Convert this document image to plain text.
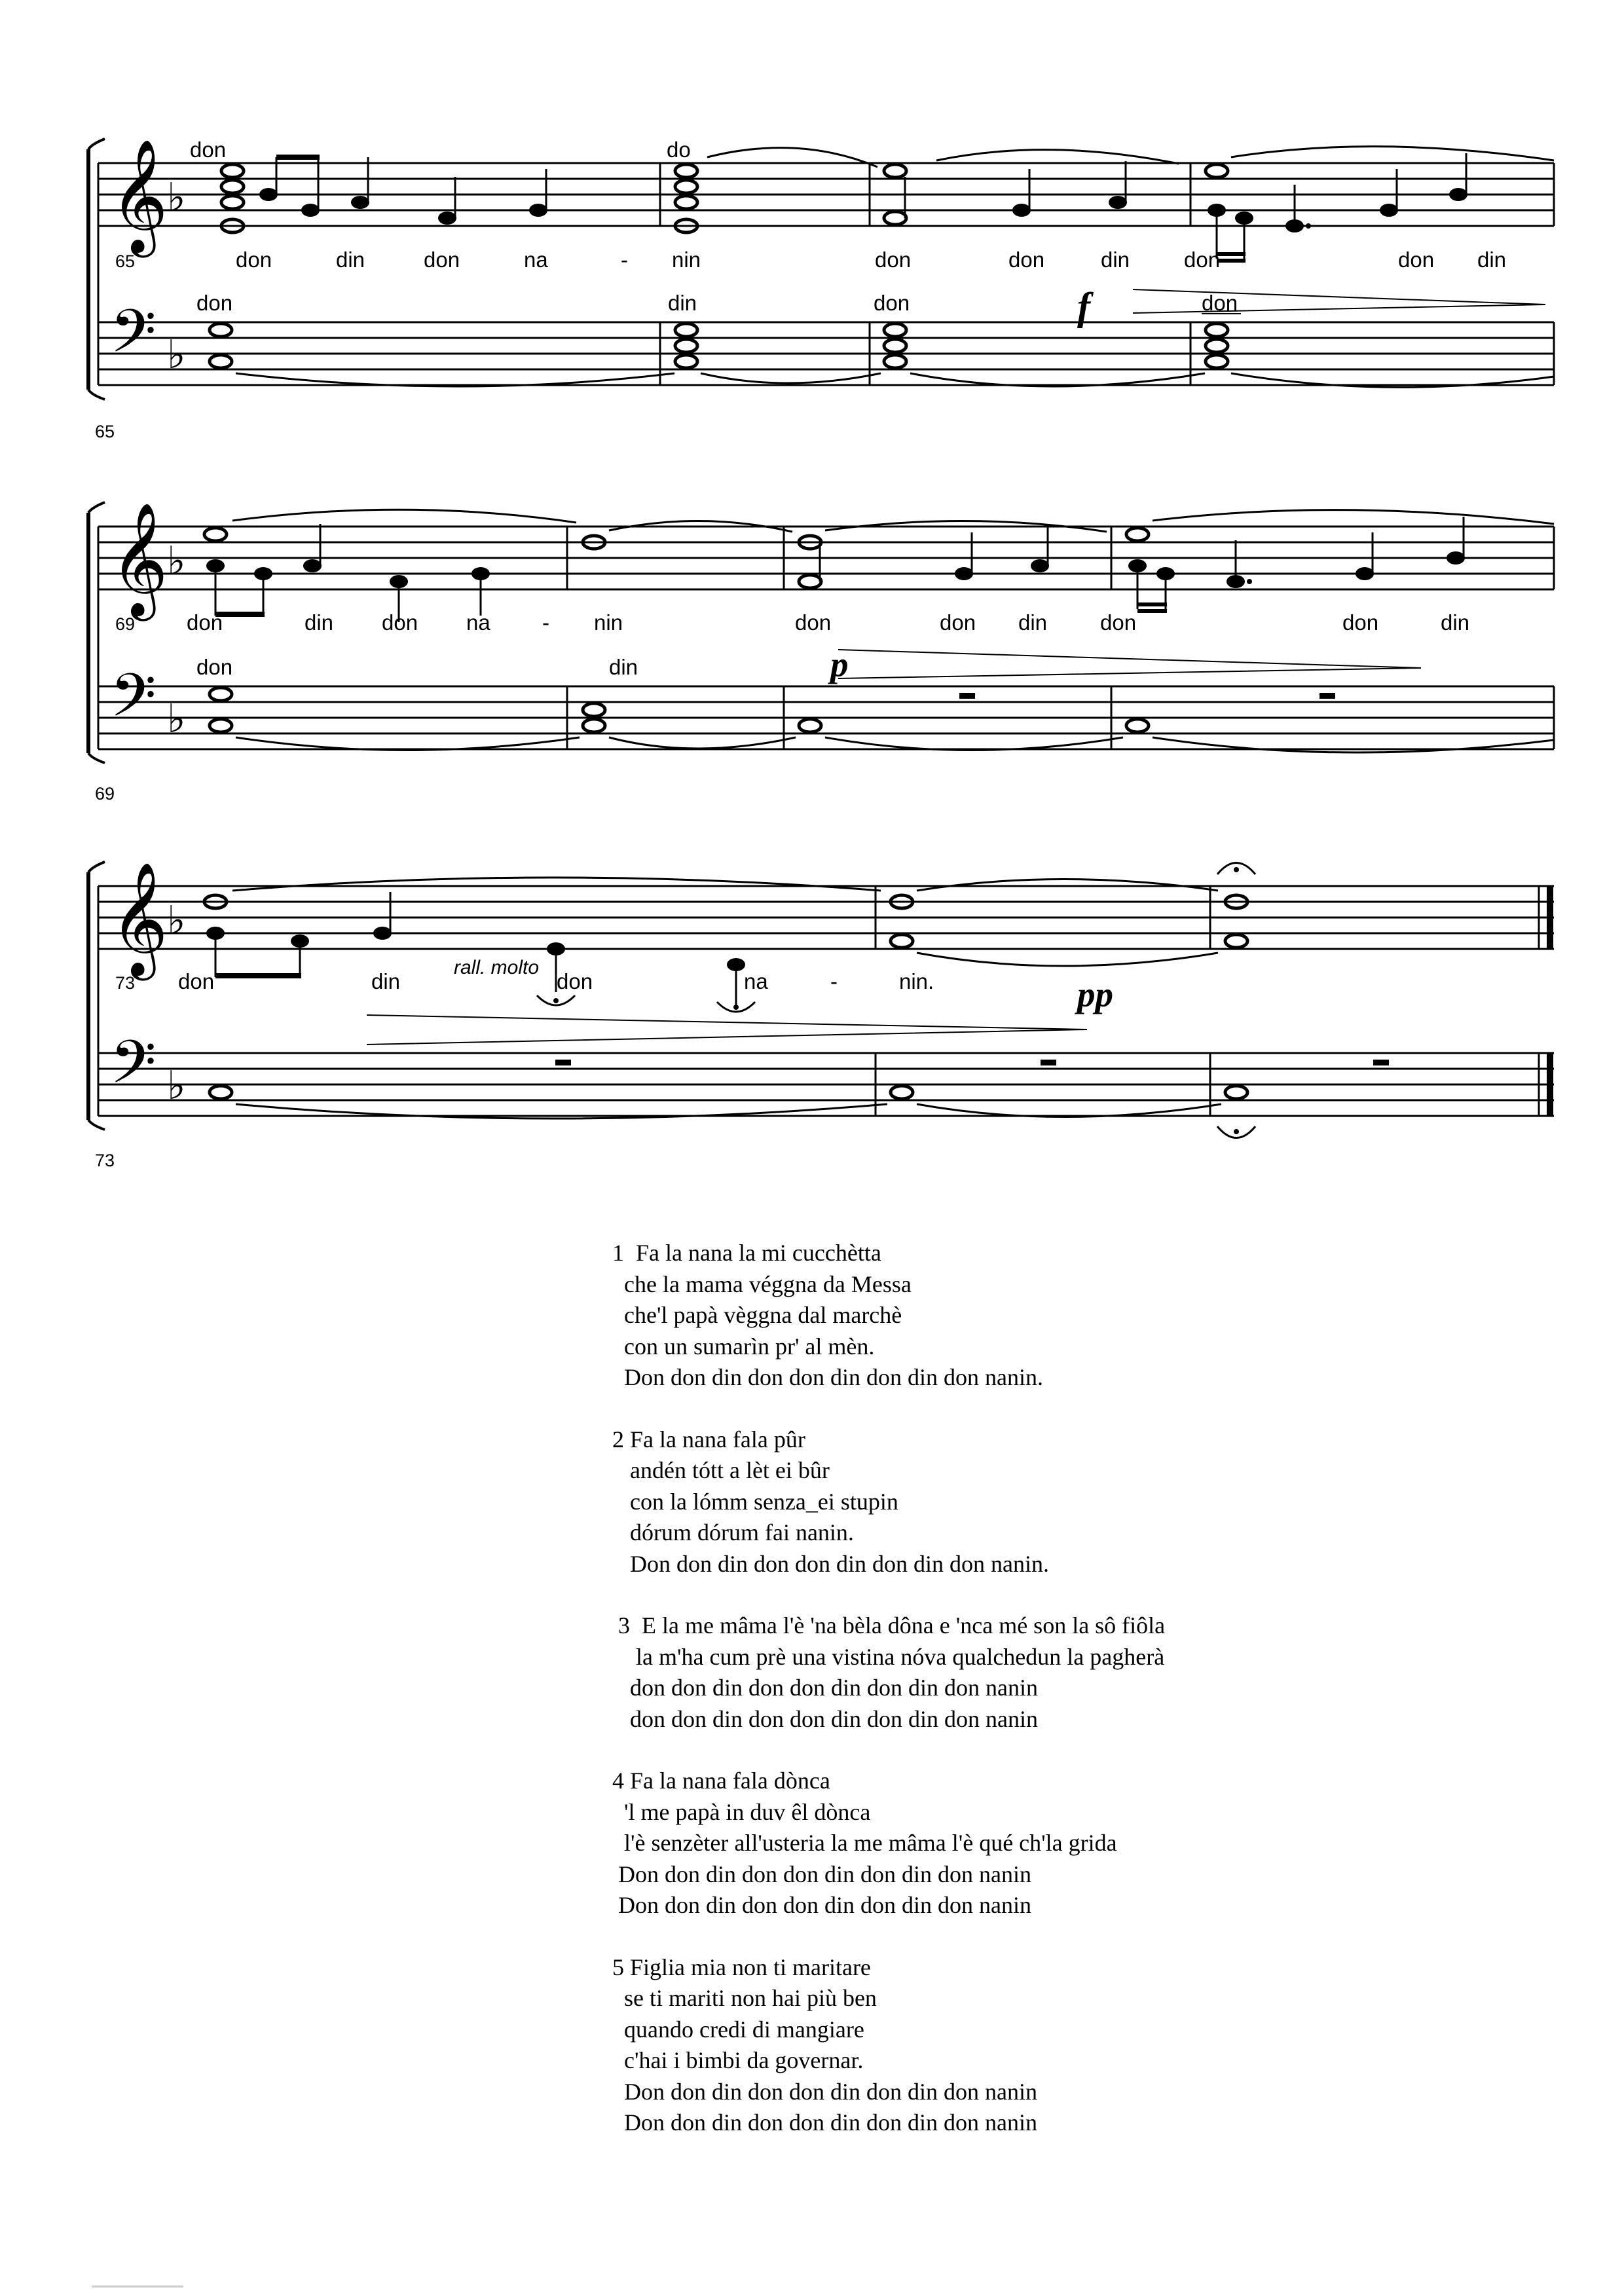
𝄞
𝄢
♭
♭
don	do
don	din	don	na	- nin	don	don	din	don	don din
don	din	don	don
f
65
65
𝄞
𝄢
♭
♭
don	din don na - nin	don	don din don	don	din
don	din	p
69
69
𝄞
𝄢
♭
♭
don	din	don	na	-	nin.
rall. molto
pp
73
73
1  Fa la nana la mi cucchètta
che la mama véggna da Messa
che'l papà vèggna dal marchè
con un sumarìn pr' al mèn.
Don don din don don din don din don nanin.
2 Fa la nana fala pûr
andén tótt a lèt ei bûr
con la lómm senza_ei stupin
dórum dórum fai nanin.
Don don din don don din don din don nanin.
3  E la me mâma l'è 'na bèla dôna e 'nca mé son la sô fiôla
la m'ha cum prè una vistina nóva qualchedun la pagherà
don don din don don din don din don nanin
don don din don don din don din don nanin
4 Fa la nana fala dònca
'l me papà in duv êl dònca
l'è senzèter all'usteria la me mâma l'è qué ch'la grida
Don don din don don din don din don nanin
Don don din don don din don din don nanin
5 Figlia mia non ti maritare
se ti mariti non hai più ben
quando credi di mangiare
c'hai i bimbi da governar.
Don don din don don din don din don nanin
Don don din don don din don din don nanin
